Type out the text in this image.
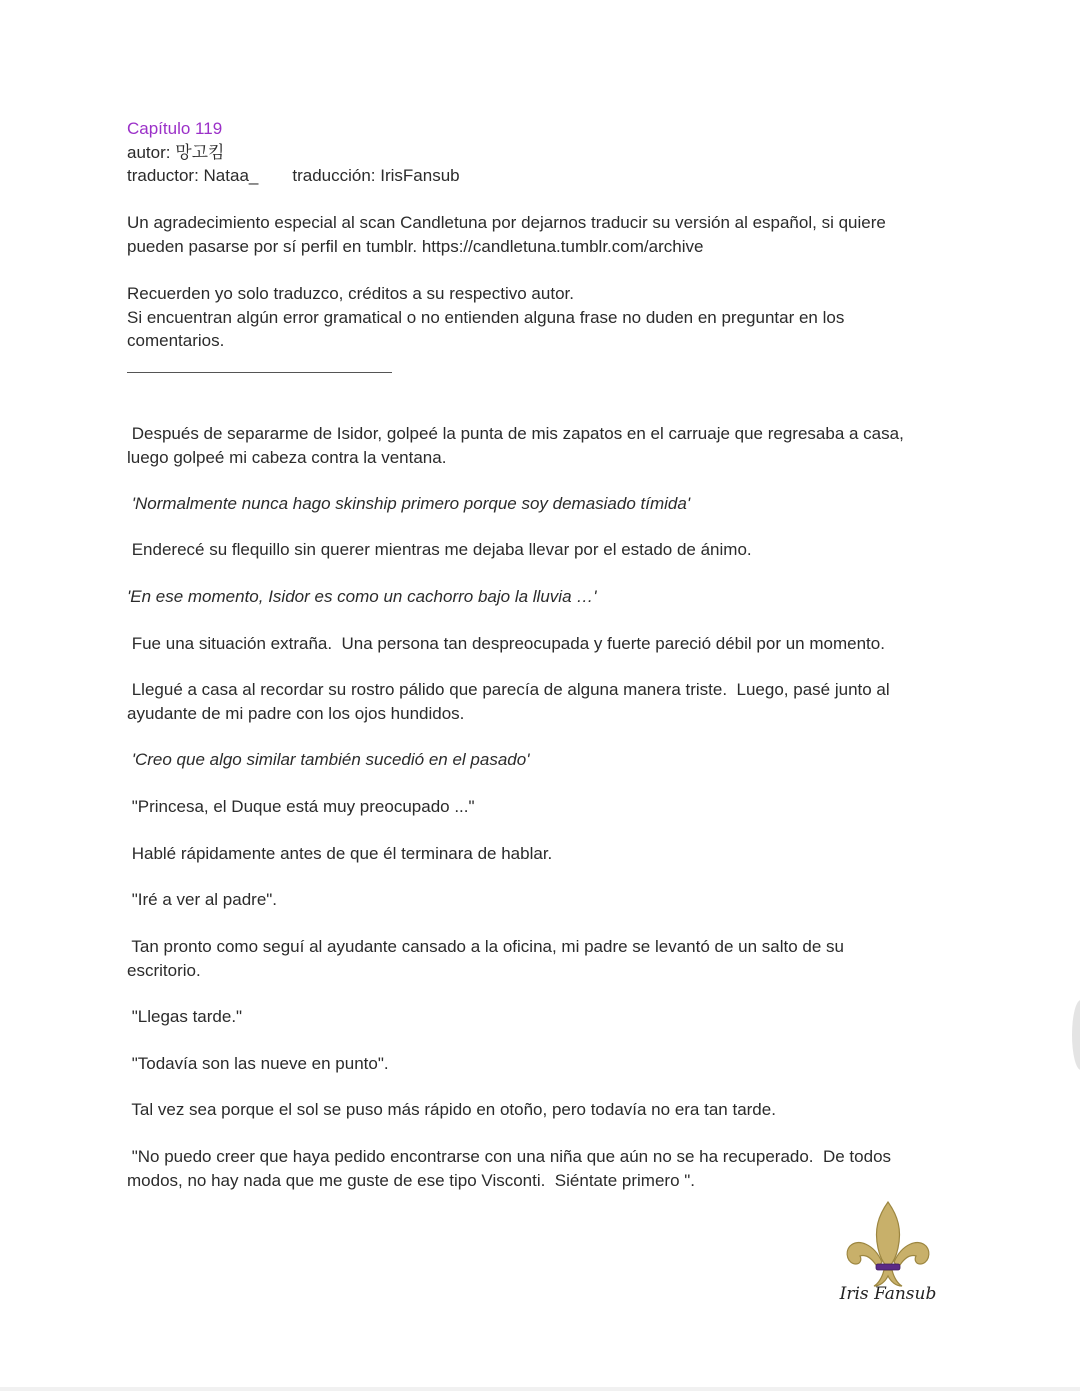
Capítulo 119
autor: 망고킴
traductor: Nataa_ traducción: IrisFansub
Un agradecimiento especial al scan Candletuna por dejarnos traducir su versión al español, si quiere
pueden pasarse por sí perfil en tumblr. https://candletuna.tumblr.com/archive
Recuerden yo solo traduzco, créditos a su respectivo autor.
Si encuentran algún error gramatical o no entienden alguna frase no duden en preguntar en los
comentarios.
Después de separarme de Isidor, golpeé la punta de mis zapatos en el carruaje que regresaba a casa,
luego golpeé mi cabeza contra la ventana.
'Normalmente nunca hago skinship primero porque soy demasiado tímida'
Enderecé su flequillo sin querer mientras me dejaba llevar por el estado de ánimo.
'En ese momento, Isidor es como un cachorro bajo la lluvia …'
Fue una situación extraña.  Una persona tan despreocupada y fuerte pareció débil por un momento.
Llegué a casa al recordar su rostro pálido que parecía de alguna manera triste.  Luego, pasé junto al
ayudante de mi padre con los ojos hundidos.
'Creo que algo similar también sucedió en el pasado'
"Princesa, el Duque está muy preocupado ..."
Hablé rápidamente antes de que él terminara de hablar.
"Iré a ver al padre".
Tan pronto como seguí al ayudante cansado a la oficina, mi padre se levantó de un salto de su
escritorio.
"Llegas tarde."
"Todavía son las nueve en punto".
Tal vez sea porque el sol se puso más rápido en otoño, pero todavía no era tan tarde.
"No puedo creer que haya pedido encontrarse con una niña que aún no se ha recuperado.  De todos
modos, no hay nada que me guste de ese tipo Visconti.  Siéntate primero ".
Iris Fansub
